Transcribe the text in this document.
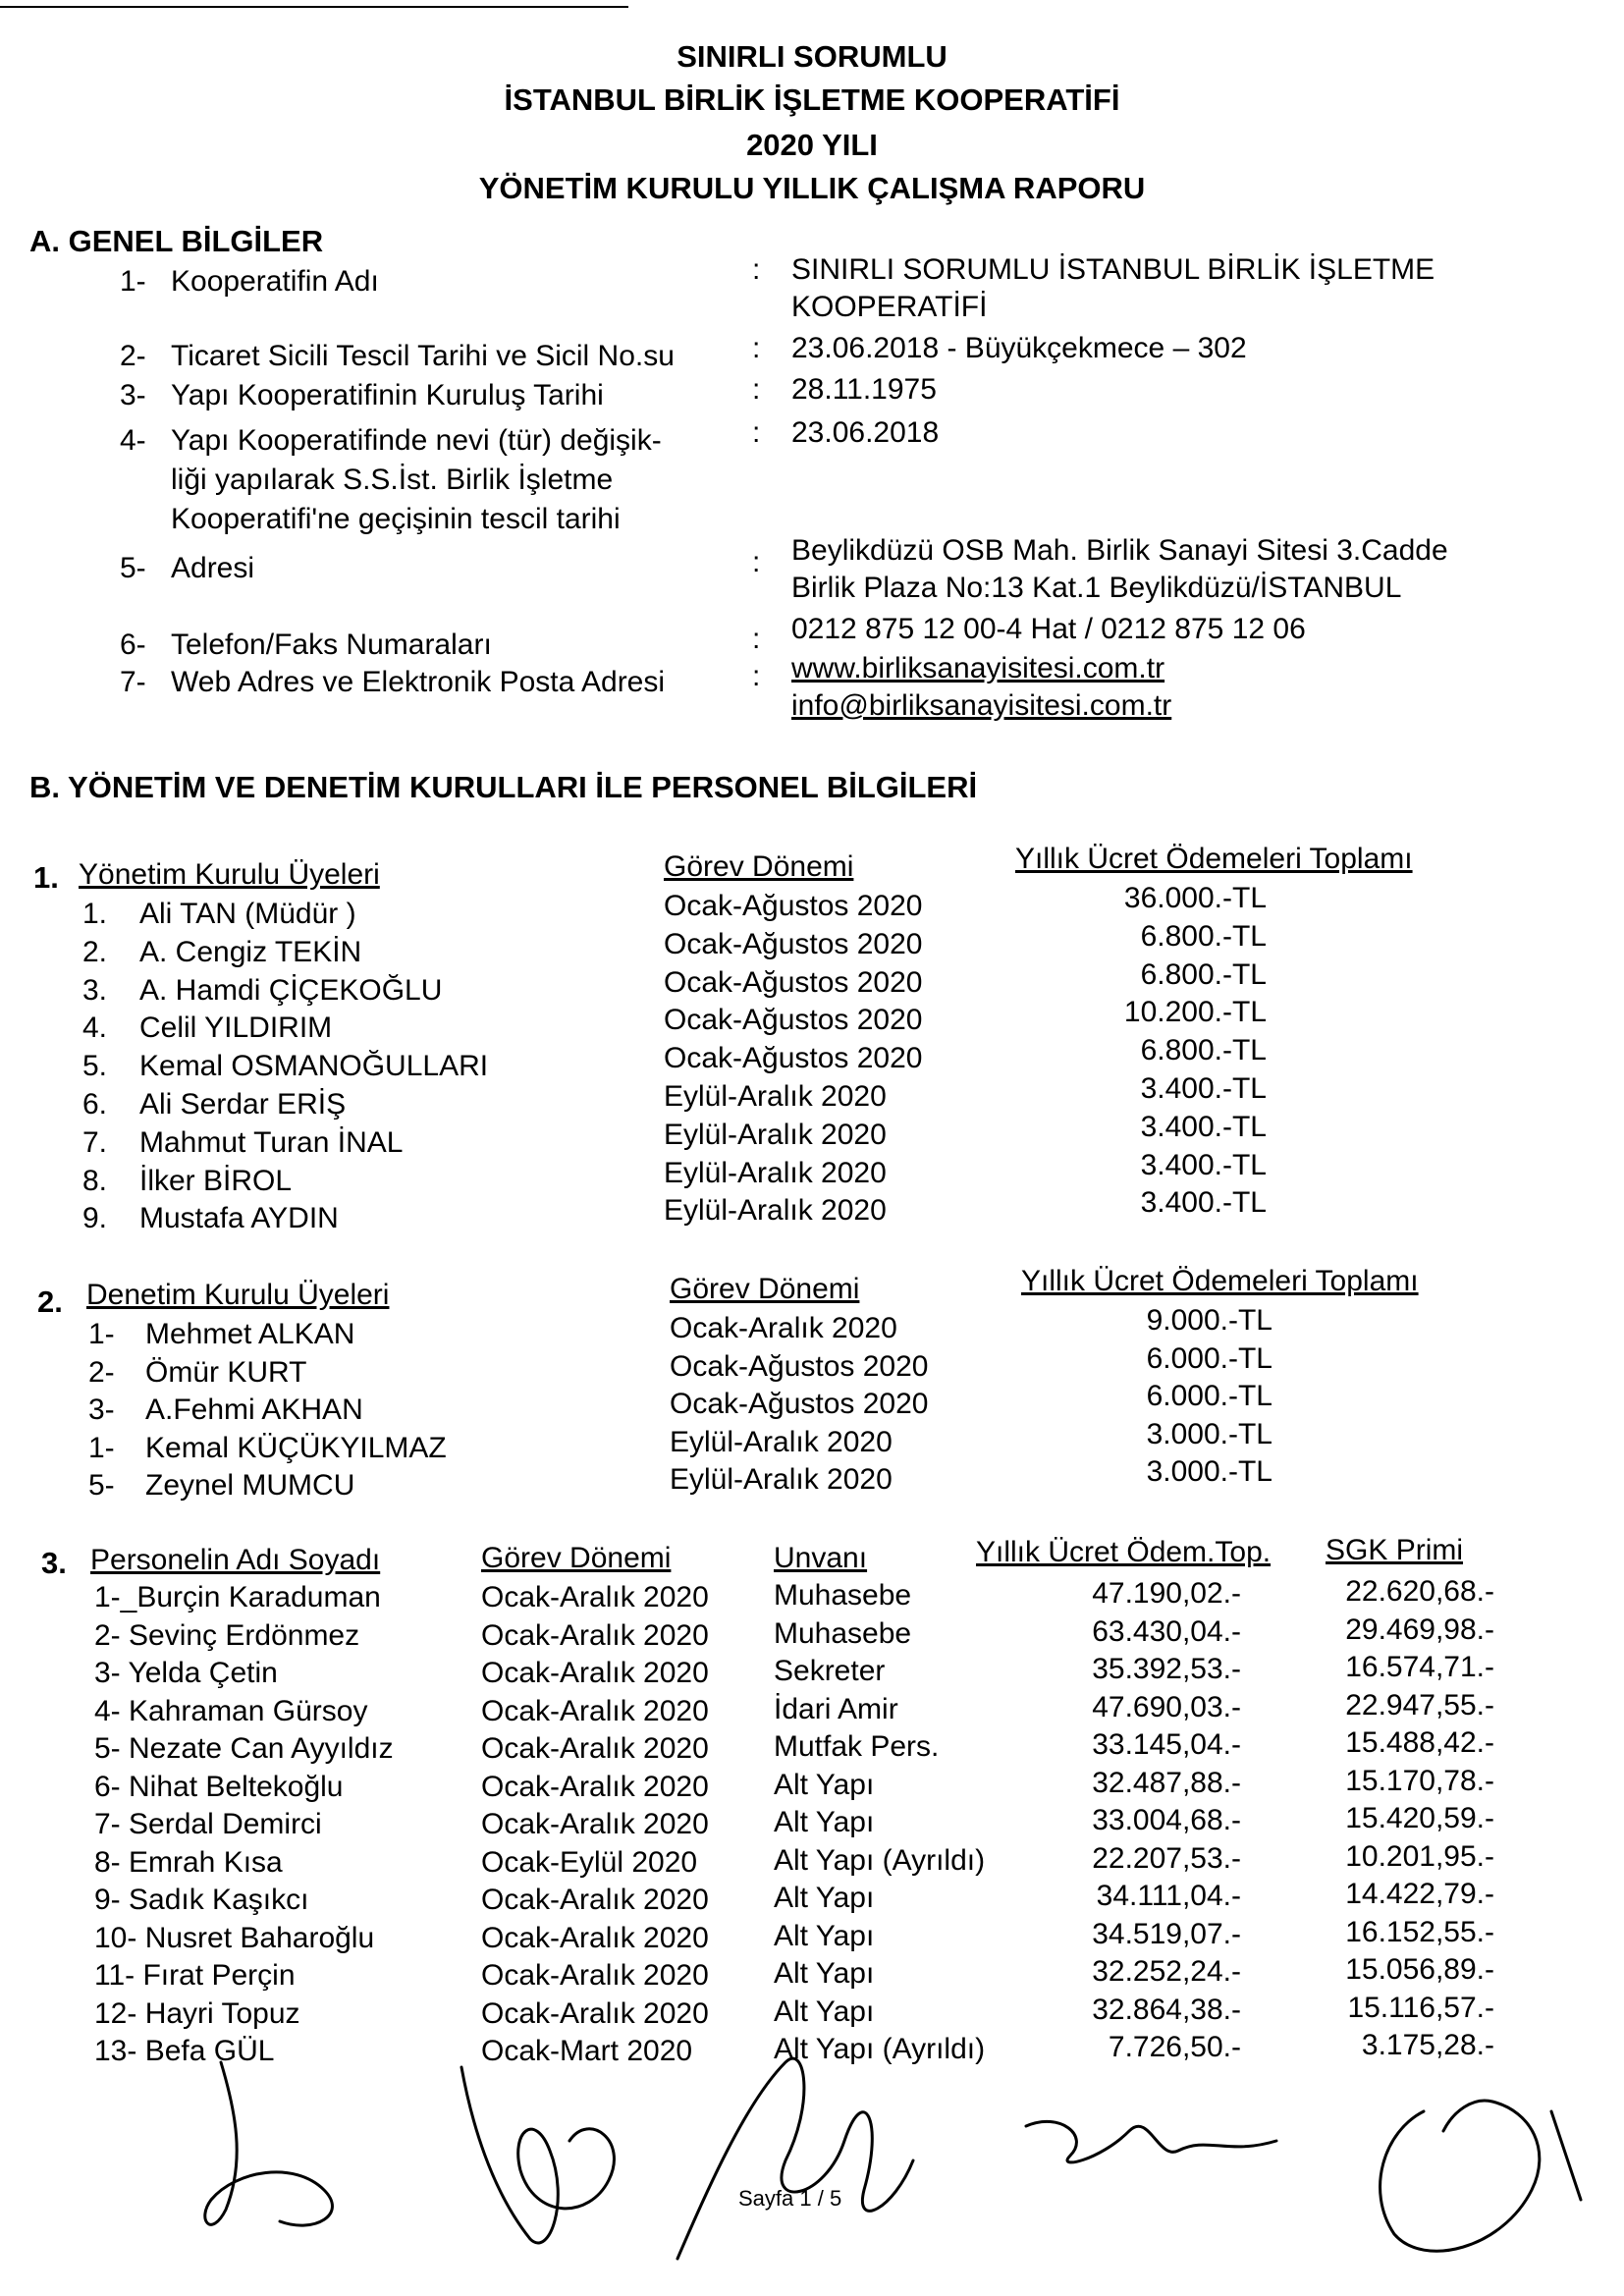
SINIRLI SORUMLU
İSTANBUL BİRLİK İŞLETME KOOPERATİFİ
2020 YILI
YÖNETİM KURULU YILLIK ÇALIŞMA RAPORU
A. GENEL BİLGİLER
1- Kooperatifin Adı	: SINIRLI SORUMLU İSTANBUL BİRLİK İŞLETME
KOOPERATİFİ
2- Ticaret Sicili Tescil Tarihi ve Sicil No.su	: 23.06.2018 - Büyükçekmece – 302
3- Yapı Kooperatifinin Kuruluş Tarihi	: 28.11.1975
4- Yapı Kooperatifinde nevi (tür) değişik-
liği yapılarak S.S.İst. Birlik İşletme
Kooperatifi'ne geçişinin tescil tarihi
: 23.06.2018
5- Adresi	: Beylikdüzü OSB Mah. Birlik Sanayi Sitesi 3.Cadde
Birlik Plaza No:13 Kat.1 Beylikdüzü/İSTANBUL
6- Telefon/Faks Numaraları	: 0212 875 12 00-4 Hat / 0212 875 12 06
7- Web Adres ve Elektronik Posta Adresi	: www.birliksanayisitesi.com.tr
info@birliksanayisitesi.com.tr
B. YÖNETİM VE DENETİM KURULLARI İLE PERSONEL BİLGİLERİ
1. Yönetim Kurulu Üyeleri	Görev Dönemi	Yıllık Ücret Ödemeleri Toplamı
1. Ali TAN (Müdür )	Ocak-Ağustos 2020	36.000.-TL
2. A. Cengiz TEKİN	Ocak-Ağustos 2020	6.800.-TL
3. A. Hamdi ÇİÇEKOĞLU	Ocak-Ağustos 2020	6.800.-TL
4. Celil YILDIRIM	Ocak-Ağustos 2020	10.200.-TL
5. Kemal OSMANOĞULLARI	Ocak-Ağustos 2020	6.800.-TL
6. Ali Serdar ERİŞ	Eylül-Aralık 2020	3.400.-TL
7. Mahmut Turan İNAL	Eylül-Aralık 2020	3.400.-TL
8. İlker BİROL	Eylül-Aralık 2020	3.400.-TL
9. Mustafa AYDIN	Eylül-Aralık 2020	3.400.-TL
2. Denetim Kurulu Üyeleri	Görev Dönemi	Yıllık Ücret Ödemeleri Toplamı
1- Mehmet ALKAN	Ocak-Aralık 2020	9.000.-TL
2- Ömür KURT	Ocak-Ağustos 2020	6.000.-TL
3- A.Fehmi AKHAN	Ocak-Ağustos 2020	6.000.-TL
1- Kemal KÜÇÜKYILMAZ	Eylül-Aralık 2020	3.000.-TL
5- Zeynel MUMCU	Eylül-Aralık 2020	3.000.-TL
3. Personelin Adı Soyadı	Görev Dönemi	Unvanı	Yıllık Ücret Ödem.Top. SGK Primi
1-_Burçin Karaduman	Ocak-Aralık 2020 Muhasebe	47.190,02.-	22.620,68.-
2- Sevinç Erdönmez	Ocak-Aralık 2020 Muhasebe	63.430,04.-	29.469,98.-
3- Yelda Çetin	Ocak-Aralık 2020 Sekreter	35.392,53.-	16.574,71.-
4- Kahraman Gürsoy	Ocak-Aralık 2020 İdari Amir	47.690,03.-	22.947,55.-
5- Nezate Can Ayyıldız	Ocak-Aralık 2020 Mutfak Pers.	33.145,04.-	15.488,42.-
6- Nihat Beltekoğlu	Ocak-Aralık 2020 Alt Yapı	32.487,88.-	15.170,78.-
7- Serdal Demirci	Ocak-Aralık 2020 Alt Yapı	33.004,68.-	15.420,59.-
8- Emrah Kısa	Ocak-Eylül 2020	Alt Yapı (Ayrıldı)	22.207,53.-	10.201,95.-
9- Sadık Kaşıkcı	Ocak-Aralık 2020 Alt Yapı	34.111,04.-	14.422,79.-
10- Nusret Baharoğlu	Ocak-Aralık 2020 Alt Yapı	34.519,07.-	16.152,55.-
11- Fırat Perçin	Ocak-Aralık 2020 Alt Yapı	32.252,24.-	15.056,89.-
12- Hayri Topuz	Ocak-Aralık 2020 Alt Yapı	32.864,38.-	15.116,57.-
13- Befa GÜL	Ocak-Mart 2020	Alt Yapı (Ayrıldı)	7.726,50.-	3.175,28.-
Sayfa 1 / 5
